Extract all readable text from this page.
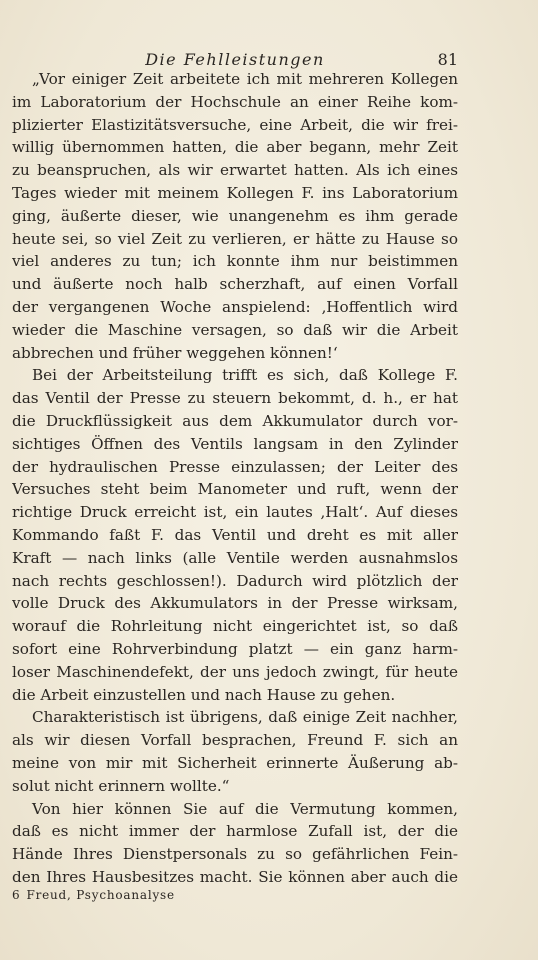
Die Fehlleistungen	81
„Vor einiger Zeit arbeitete ich mit mehreren Kollegen
im Laboratorium der Hochschule an einer Reihe kom-
plizierter Elastizitätsversuche, eine Arbeit, die wir frei-
willig übernommen hatten, die aber begann, mehr Zeit
zu beanspruchen, als wir erwartet hatten. Als ich eines
Tages wieder mit meinem Kollegen F. ins Laboratorium
ging, äußerte dieser, wie unangenehm es ihm gerade
heute sei, so viel Zeit zu verlieren, er hätte zu Hause so
viel anderes zu tun; ich konnte ihm nur beistimmen
und äußerte noch halb scherzhaft, auf einen Vorfall
der vergangenen Woche anspielend: ‚Hoffentlich wird
wieder die Maschine versagen, so daß wir die Arbeit
abbrechen und früher weggehen können!‘
Bei der Arbeitsteilung trifft es sich, daß Kollege F.
das Ventil der Presse zu steuern bekommt, d. h., er hat
die Druckflüssigkeit aus dem Akkumulator durch vor-
sichtiges Öffnen des Ventils langsam in den Zylinder
der hydraulischen Presse einzulassen; der Leiter des
Versuches steht beim Manometer und ruft, wenn der
richtige Druck erreicht ist, ein lautes ‚Halt‘. Auf dieses
Kommando faßt F. das Ventil und dreht es mit aller
Kraft — nach links (alle Ventile werden ausnahmslos
nach rechts geschlossen!). Dadurch wird plötzlich der
volle Druck des Akkumulators in der Presse wirksam,
worauf die Rohrleitung nicht eingerichtet ist, so daß
sofort eine Rohrverbindung platzt — ein ganz harm-
loser Maschinendefekt, der uns jedoch zwingt, für heute
die Arbeit einzustellen und nach Hause zu gehen.
Charakteristisch ist übrigens, daß einige Zeit nachher,
als wir diesen Vorfall besprachen, Freund F. sich an
meine von mir mit Sicherheit erinnerte Äußerung ab-
solut nicht erinnern wollte.“
Von hier können Sie auf die Vermutung kommen,
daß es nicht immer der harmlose Zufall ist, der die
Hände Ihres Dienstpersonals zu so gefährlichen Fein-
den Ihres Hausbesitzes macht. Sie können aber auch die
6 Freud, Psychoanalyse
